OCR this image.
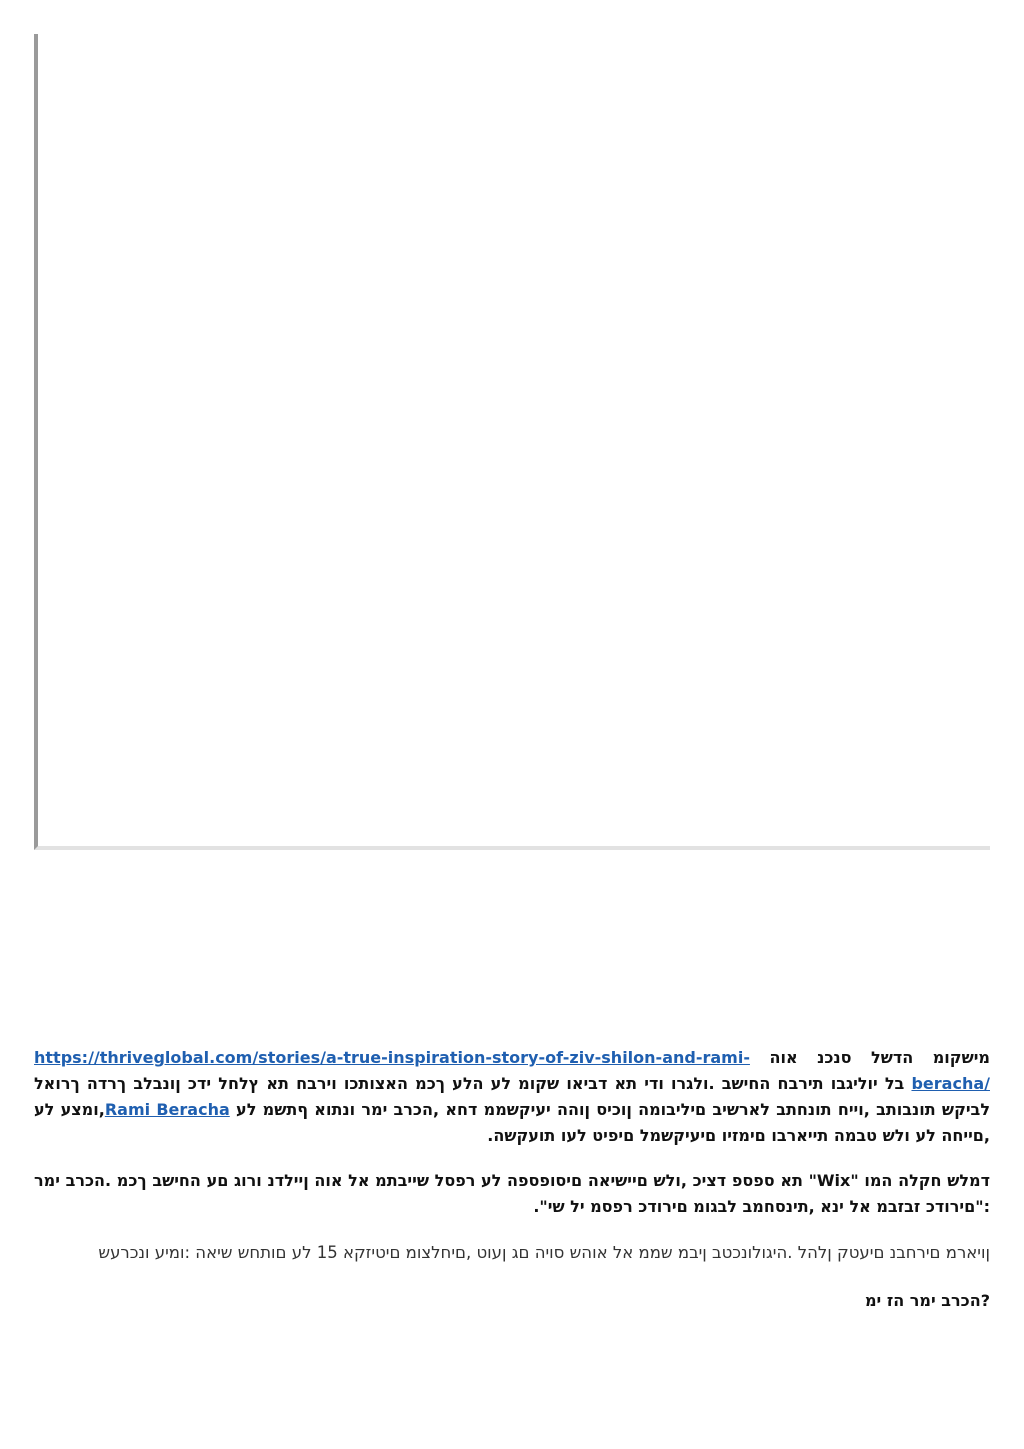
מישקומ הדשל סנכנ אוה https://thriveglobal.com/stories/a-true-inspiration-story-of-ziv-shilon-and-rami-beracha/ בל יוליגבו תירבח החישב .ולגרו ודי תא דביאו שקומ לע הלע ךכמ האצותכו וירבח תא ץלחל ידכ ןונבלב ךרדה ךרואל לביקש תונבותב ,וייח תונחתב לארשיב םיליבומה ןוכיס ןוהה יעיקשממ דחא ,הכרב ימר ונתוא ףתשמ לע Rami Beracha,ומצע לע ,םייחה לע ולש טבמה תייארבו םימזיו םיעיקשמל םיפיט לעו תועקשה.

דמלש חקלה המו "Wix" תא ספספ דציכ ,ולש םיישיאה םיסופספה לע רפסל שייבתמ אל אוה ןיילדנ ורוג םע החישב ךכמ .הכרב ימר :"םירודכ זבזבמ אל ינא ,תינסחמב לבגומ םירודכ רפסמ יל שי".

ןויארמ םירחבנ םיעטק ןלהל .היגולונכטב ןיבמ שממ אל אוהש סויה םג ןעוט ,םיחלצומ םיטיזקא 15 לע םותחש שיאה :ומיע ונכרעש

?הכרב ימר הז ימ
